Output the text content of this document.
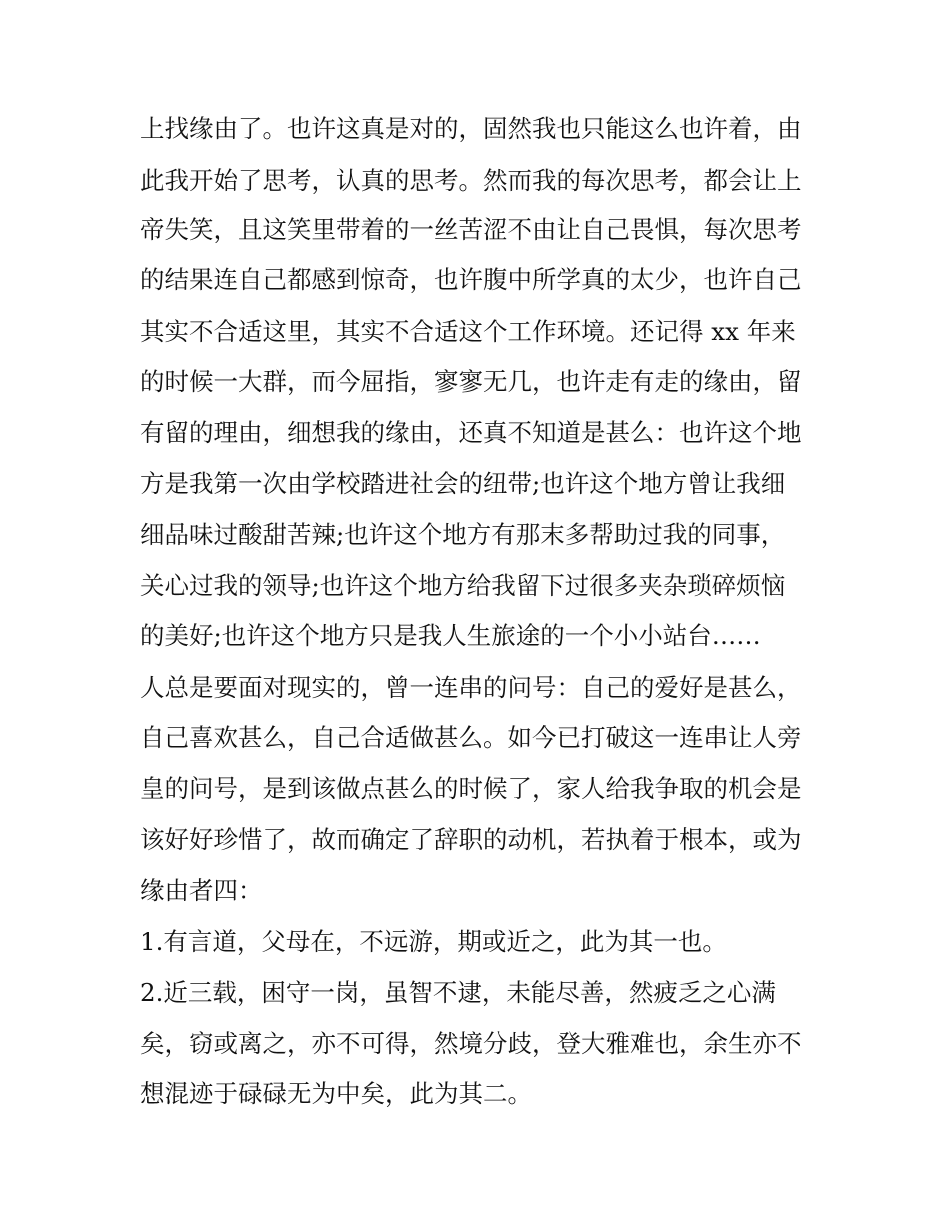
上找缘由了。也许这真是对的，固然我也只能这么也许着，由
此我开始了思考，认真的思考。然而我的每次思考，都会让上
帝失笑，且这笑里带着的一丝苦涩不由让自己畏惧，每次思考
的结果连自己都感到惊奇，也许腹中所学真的太少，也许自己
其实不合适这里，其实不合适这个工作环境。还记得 xx 年来
的时候一大群，而今屈指，寥寥无几，也许走有走的缘由，留
有留的理由，细想我的缘由，还真不知道是甚么：也许这个地
方是我第一次由学校踏进社会的纽带;也许这个地方曾让我细
细品味过酸甜苦辣;也许这个地方有那末多帮助过我的同事，
关心过我的领导;也许这个地方给我留下过很多夹杂琐碎烦恼
的美好;也许这个地方只是我人生旅途的一个小小站台……
人总是要面对现实的，曾一连串的问号：自己的爱好是甚么，
自己喜欢甚么，自己合适做甚么。如今已打破这一连串让人旁
皇的问号，是到该做点甚么的时候了，家人给我争取的机会是
该好好珍惜了，故而确定了辞职的动机，若执着于根本，或为
缘由者四：
1.有言道，父母在，不远游，期或近之，此为其一也。
2.近三载，困守一岗，虽智不逮，未能尽善，然疲乏之心满
矣，窃或离之，亦不可得，然境分歧，登大雅难也，余生亦不
想混迹于碌碌无为中矣，此为其二。
